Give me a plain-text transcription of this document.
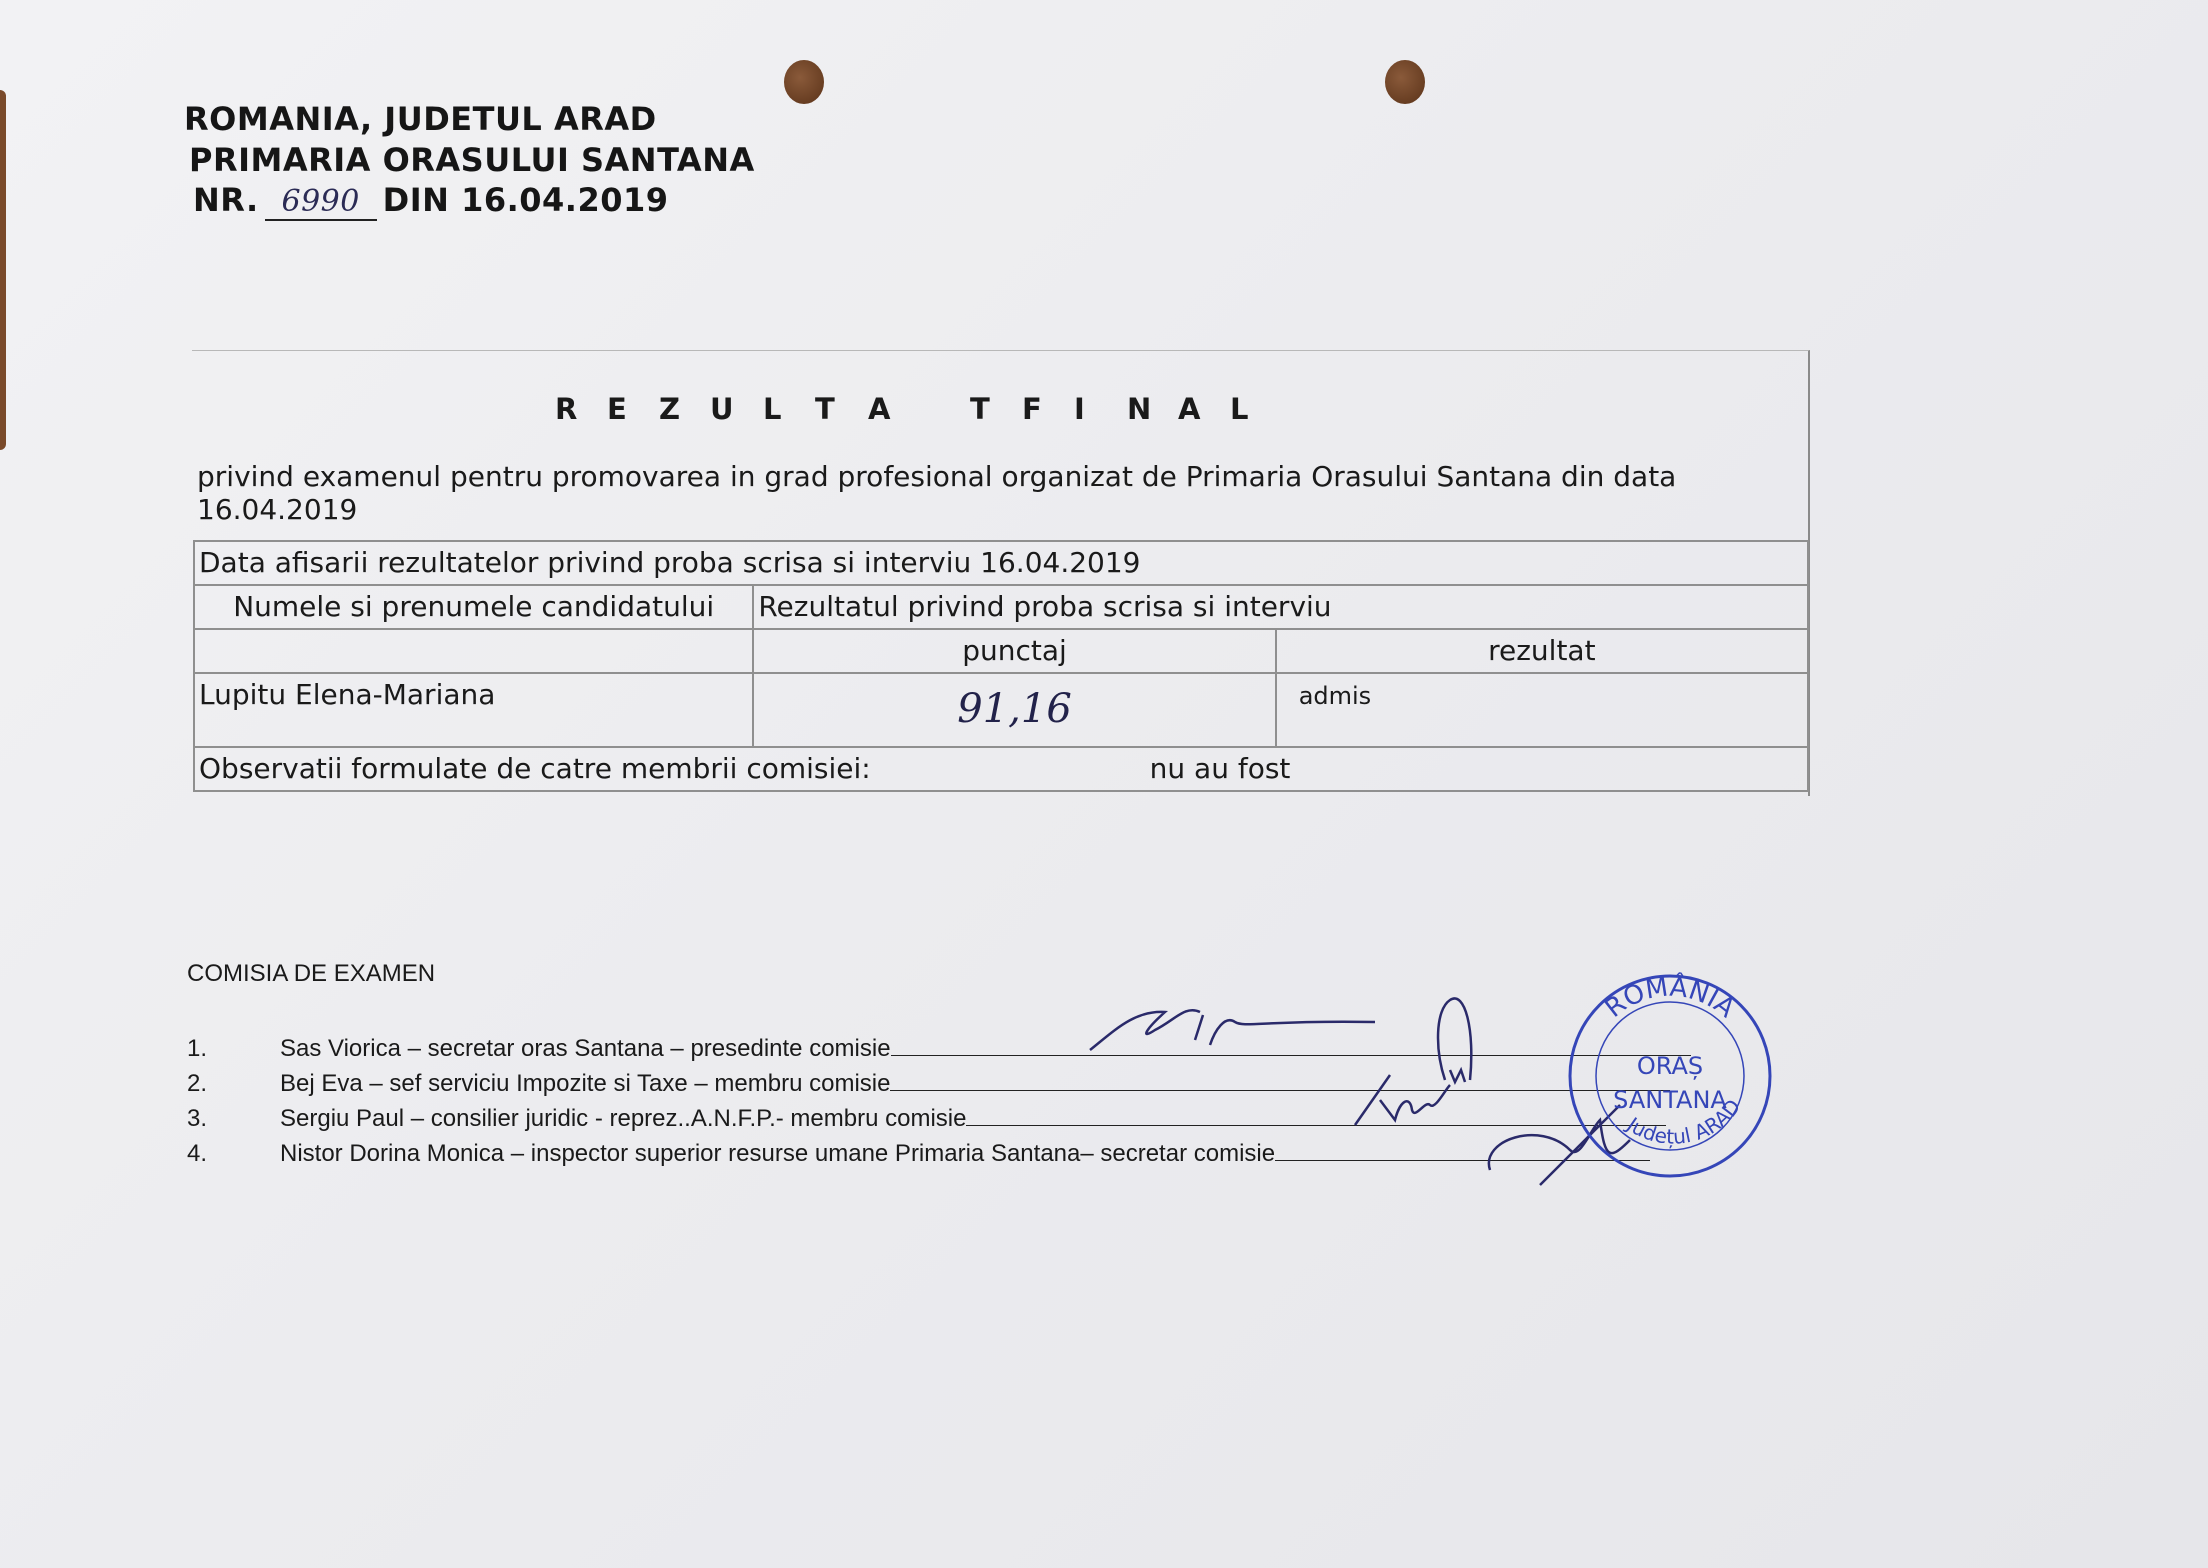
ROMANIA, JUDETUL ARAD
PRIMARIA ORASULUI SANTANA
NR. 6990 DIN 16.04.2019
R E Z U L T A	T F I N A L
privind examenul pentru promovarea in grad profesional organizat de Primaria Orasului Santana din data 16.04.2019
Data afisarii rezultatelor privind proba scrisa si interviu 16.04.2019		
Numele si prenumele candidatului	Rezultatul privind proba scrisa si interviu	
	punctaj	rezultat
Lupitu Elena-Mariana	91,16	admis
Observatii formulate de catre membrii comisiei: nu au fost		
COMISIA DE EXAMEN
1.	Sas Viorica – secretar oras Santana – presedinte comisie
2.	Bej Eva – sef serviciu Impozite si Taxe – membru comisie
3.	Sergiu Paul – consilier juridic - reprez..A.N.F.P.- membru comisie
4.	Nistor Dorina Monica – inspector superior resurse umane Primaria Santana– secretar comisie
ROMÂNIA
ORAȘ
SANTANA
Județul ARAD
